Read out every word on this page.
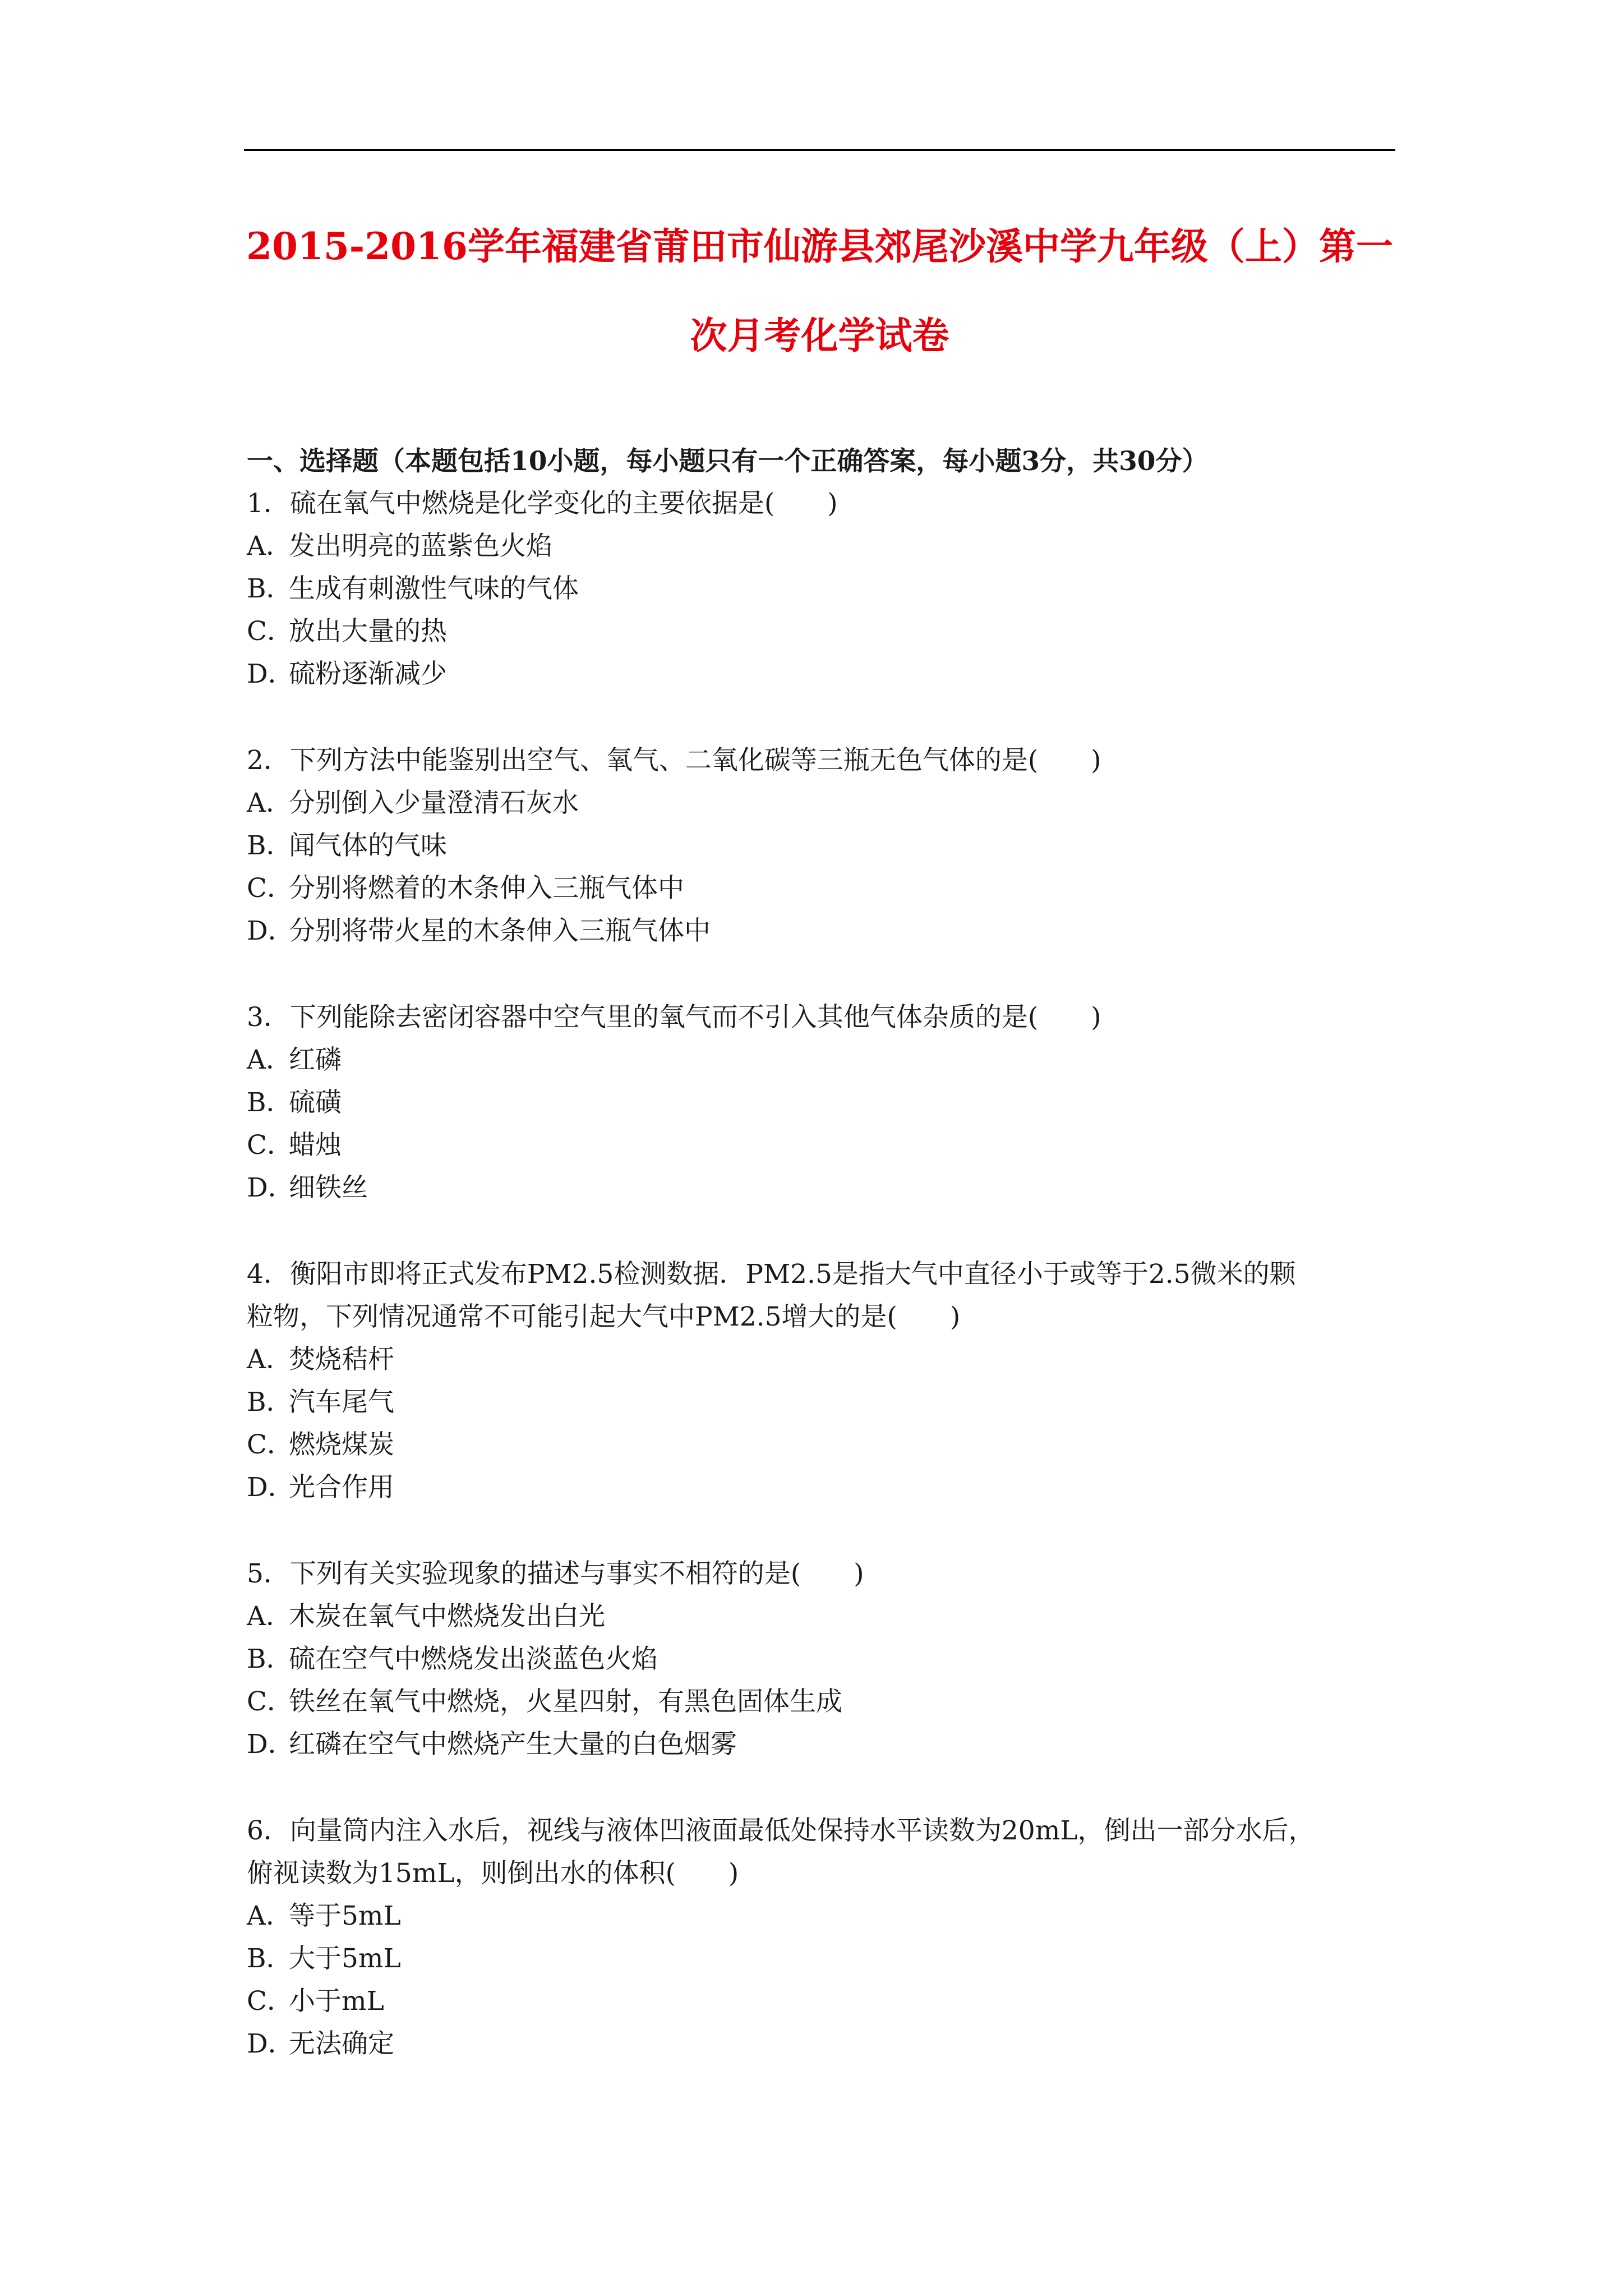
2015-2016学年福建省莆田市仙游县郊尾沙溪中学九年级（上）第一
次月考化学试卷
一、选择题（本题包括10小题，每小题只有一个正确答案，每小题3分，共30分）
1．硫在氧气中燃烧是化学变化的主要依据是(　　)
A．发出明亮的蓝紫色火焰
B．生成有刺激性气味的气体
C．放出大量的热
D．硫粉逐渐减少
2．下列方法中能鉴别出空气、氧气、二氧化碳等三瓶无色气体的是(　　)
A．分别倒入少量澄清石灰水
B．闻气体的气味
C．分别将燃着的木条伸入三瓶气体中
D．分别将带火星的木条伸入三瓶气体中
3．下列能除去密闭容器中空气里的氧气而不引入其他气体杂质的是(　　)
A．红磷
B．硫磺
C．蜡烛
D．细铁丝
4．衡阳市即将正式发布PM2.5检测数据．PM2.5是指大气中直径小于或等于2.5微米的颗
粒物，下列情况通常不可能引起大气中PM2.5增大的是(　　)
A．焚烧秸杆
B．汽车尾气
C．燃烧煤炭
D．光合作用
5．下列有关实验现象的描述与事实不相符的是(　　)
A．木炭在氧气中燃烧发出白光
B．硫在空气中燃烧发出淡蓝色火焰
C．铁丝在氧气中燃烧，火星四射，有黑色固体生成
D．红磷在空气中燃烧产生大量的白色烟雾
6．向量筒内注入水后，视线与液体凹液面最低处保持水平读数为20mL，倒出一部分水后，
俯视读数为15mL，则倒出水的体积(　　)
A．等于5mL
B．大于5mL
C．小于mL
D．无法确定
